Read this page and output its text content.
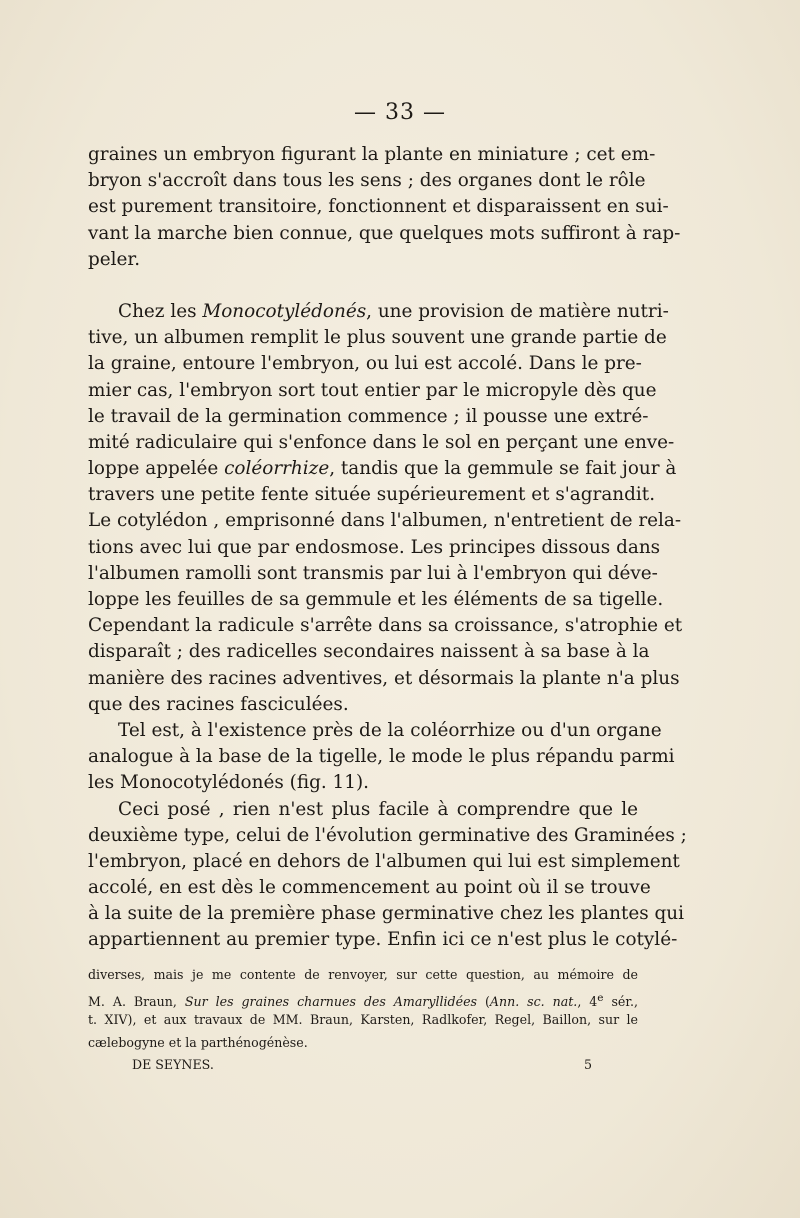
— 33 —
graines un embryon figurant la plante en miniature ; cet em-
bryon s'accroît dans tous les sens ; des organes dont le rôle
est purement transitoire, fonctionnent et disparaissent en sui-
vant la marche bien connue, que quelques mots suffiront à rap-
peler.
Chez les Monocotylédonés, une provision de matière nutri-
tive, un albumen remplit le plus souvent une grande partie de
la graine, entoure l'embryon, ou lui est accolé. Dans le pre-
mier cas, l'embryon sort tout entier par le micropyle dès que
le travail de la germination commence ; il pousse une extré-
mité radiculaire qui s'enfonce dans le sol en perçant une enve-
loppe appelée coléorrhize, tandis que la gemmule se fait jour à
travers une petite fente située supérieurement et s'agrandit.
Le cotylédon , emprisonné dans l'albumen, n'entretient de rela-
tions avec lui que par endosmose. Les principes dissous dans
l'albumen ramolli sont transmis par lui à l'embryon qui déve-
loppe les feuilles de sa gemmule et les éléments de sa tigelle.
Cependant la radicule s'arrête dans sa croissance, s'atrophie et
disparaît ; des radicelles secondaires naissent à sa base à la
manière des racines adventives, et désormais la plante n'a plus
que des racines fasciculées.
Tel est, à l'existence près de la coléorrhize ou d'un organe
analogue à la base de la tigelle, le mode le plus répandu parmi
les Monocotylédonés (fig. 11).
Ceci posé , rien n'est plus facile à comprendre que le
deuxième type, celui de l'évolution germinative des Graminées ;
l'embryon, placé en dehors de l'albumen qui lui est simplement
accolé, en est dès le commencement au point où il se trouve
à la suite de la première phase germinative chez les plantes qui
appartiennent au premier type. Enfin ici ce n'est plus le cotylé-
diverses, mais je me contente de renvoyer, sur cette question, au mémoire de
M. A. Braun, Sur les graines charnues des Amaryllidées (Ann. sc. nat., 4e sér.,
t. XIV), et aux travaux de MM. Braun, Karsten, Radlkofer, Regel, Baillon, sur le
cælebogyne et la parthénogénèse.
DE SEYNES.	5
